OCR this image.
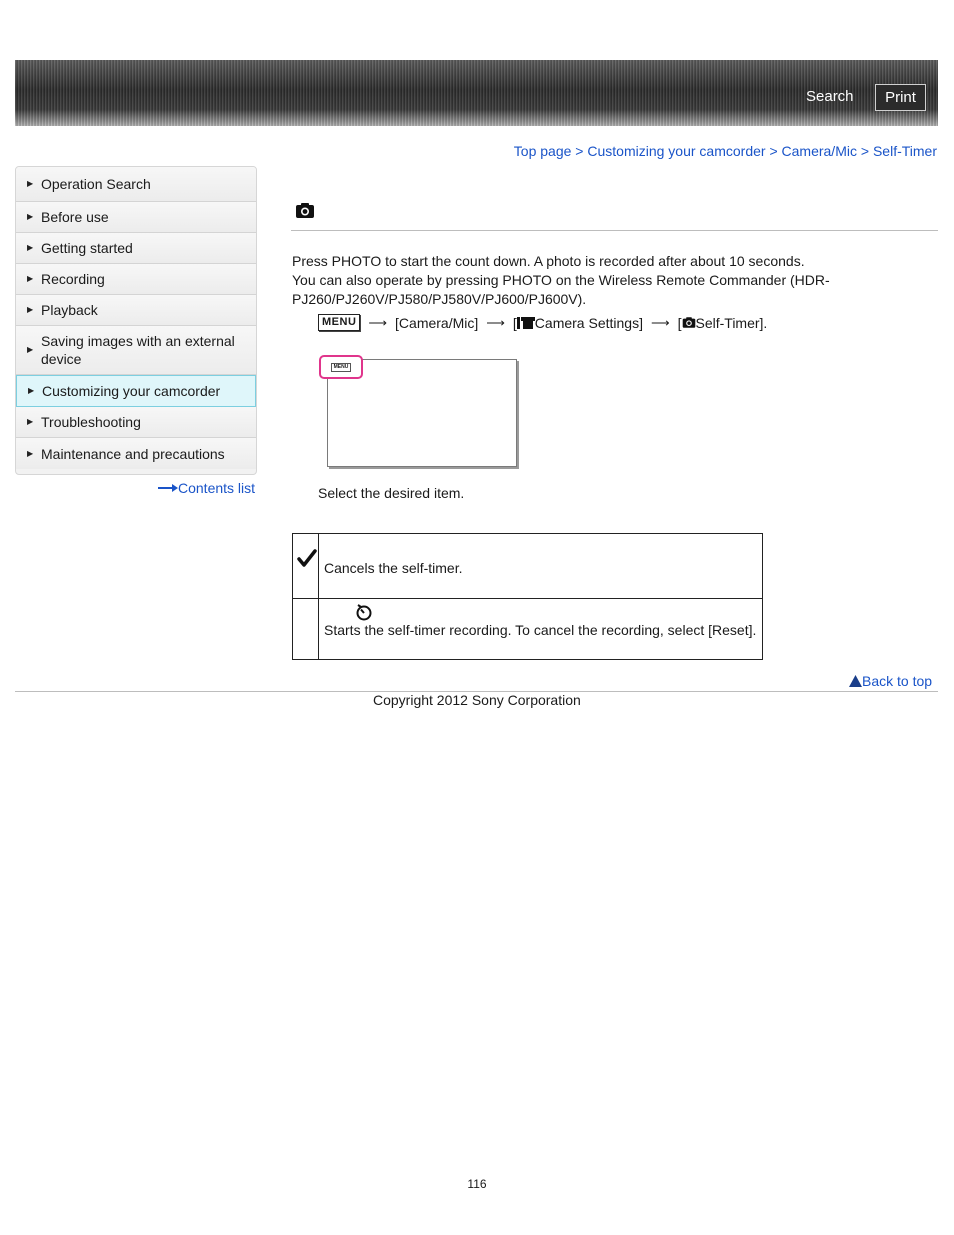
Search	Print
Top page > Customizing your camcorder > Camera/Mic > Self-Timer
▶ Operation Search
▶ Before use
▶ Getting started
▶ Recording
▶ Playback
▶
Saving images with an external device
▶ Customizing your camcorder
▶ Troubleshooting
▶ Maintenance and precautions
Contents list

Press PHOTO to start the count down. A photo is recorded after about 10 seconds.

You can also operate by pressing PHOTO on the Wireless Remote Commander (HDR-PJ260/PJ260V/PJ580/PJ580V/PJ600/PJ600V).

MENU ⟶ [Camera/Mic] ⟶ [ Camera Settings] ⟶ [ Self-Timer].
MENU
Select the desired item.

Cancels the self-timer.

Starts the self-timer recording. To cancel the recording, select [Reset].
Back to top
Copyright 2012 Sony Corporation
116
